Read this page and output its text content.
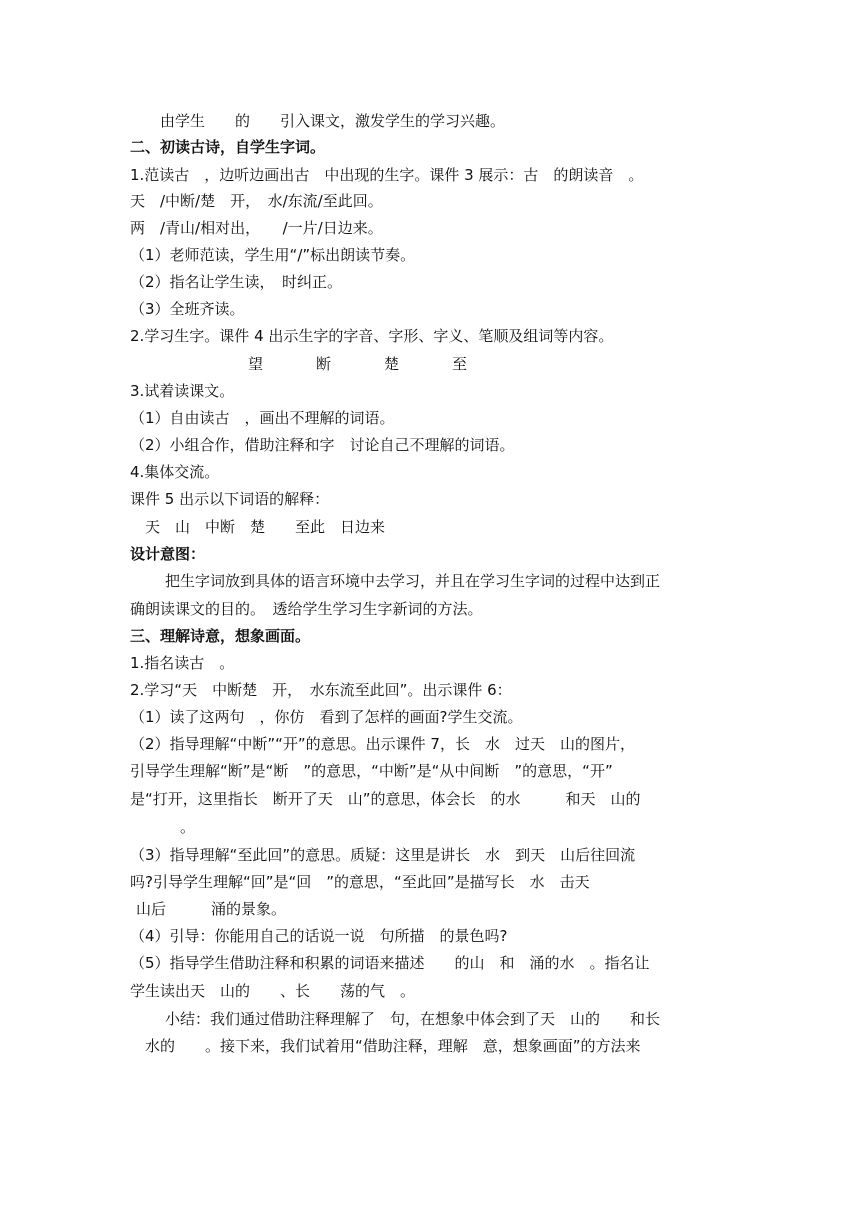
由学生　　的　　引入课文，激发学生的学习兴趣。
二、初读古诗，自学生字词。
1.范读古　，边听边画出古　中出现的生字。课件 3 展示：古　的朗读音　。
天　/中断/楚　开，　水/东流/至此回。
两　/青山/相对出，　　/一片/日边来。
（1）老师范读，学生用“/”标出朗读节奏。
（2）指名让学生读，　时纠正。
（3）全班齐读。
2.学习生字。课件 4 出示生字的字音、字形、字义、笔顺及组词等内容。
望	断	楚	至
3.试着读课文。
（1）自由读古　，画出不理解的词语。
（2）小组合作，借助注释和字　讨论自己不理解的词语。
4.集体交流。
课件 5 出示以下词语的解释：
天　山　中断　楚　　至此　日边来
设计意图：
把生字词放到具体的语言环境中去学习，并且在学习生字词的过程中达到正
确朗读课文的目的。　透给学生学习生字新词的方法。
三、理解诗意，想象画面。
1.指名读古　。
2.学习“天　中断楚　开，　水东流至此回”。出示课件 6：
（1）读了这两句　，你仿　看到了怎样的画面?学生交流。
（2）指导理解“中断”“开”的意思。出示课件 7，长　水　过天　山的图片，
引导学生理解“断”是“断　”的意思，“中断”是“从中间断　”的意思，“开”
是“打开，这里指长　断开了天　山”的意思，体会长　的水　　　和天　山的
　。
（3）指导理解“至此回”的意思。质疑：这里是讲长　水　到天　山后往回流
吗?引导学生理解“回”是“回　”的意思，“至此回”是描写长　水　击天
山后　　　涌的景象。
（4）引导：你能用自己的话说一说　句所描　的景色吗?
（5）指导学生借助注释和积累的词语来描述　　的山　和　涌的水　。指名让
学生读出天　山的　　、长　　荡的气　。
小结：我们通过借助注释理解了　句，在想象中体会到了天　山的　　和长
　水的　　。接下来，我们试着用“借助注释，理解　意，想象画面”的方法来
